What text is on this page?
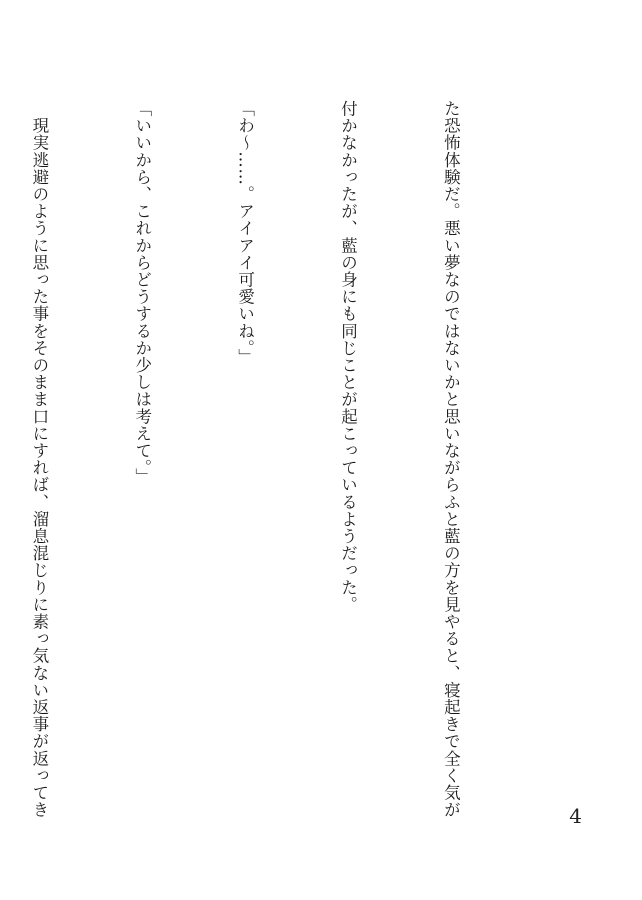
た恐怖体験だ。悪い夢なのではないかと思いながらふと藍の方を見やると、寝起きで全く気が

付かなかったが、藍の身にも同じことが起こっているようだった。

「わ～……。アイアイ可愛いね。」

「いいから、これからどうするか少しは考えて。」

　現実逃避のように思った事をそのまま口にすれば、溜息混じりに素っ気ない返事が返ってき

	4
